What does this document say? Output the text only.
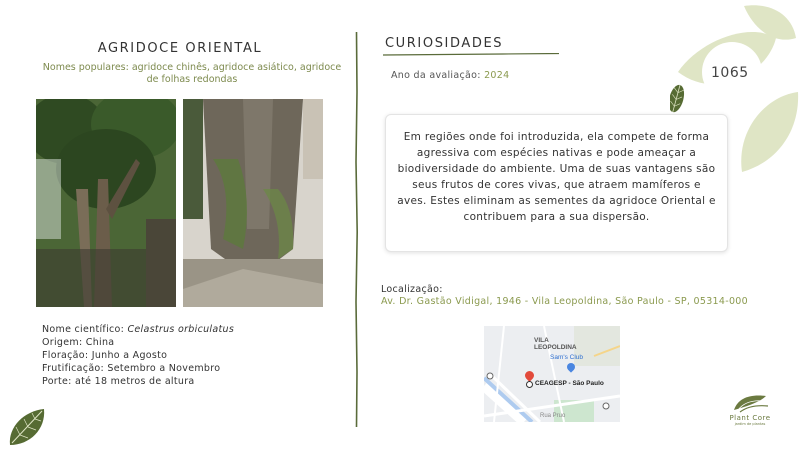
1065
AGRIDOCE ORIENTAL
Nomes populares: agridoce chinês, agridoce asiático, agridoce de folhas redondas
Nome científico: Celastrus orbiculatus
Origem: China
Floração: Junho a Agosto
Frutificação: Setembro a Novembro
Porte: até 18 metros de altura
CURIOSIDADES
Ano da avaliação: 2024
Em regiões onde foi introduzida, ela compete de forma agressiva com espécies nativas e pode ameaçar a biodiversidade do ambiente. Uma de suas vantagens são seus frutos de cores vivas, que atraem mamíferos e aves. Estes eliminam as sementes da agridoce Oriental e contribuem para a sua dispersão.
Localização:
Av. Dr. Gastão Vidigal, 1946 - Vila Leopoldina, São Paulo - SP, 05314-000
VILA
LEOPOLDINA
Sam's Club
CEAGESP - São Paulo
Rua Pruo	Plant Core
jardim de plantas
